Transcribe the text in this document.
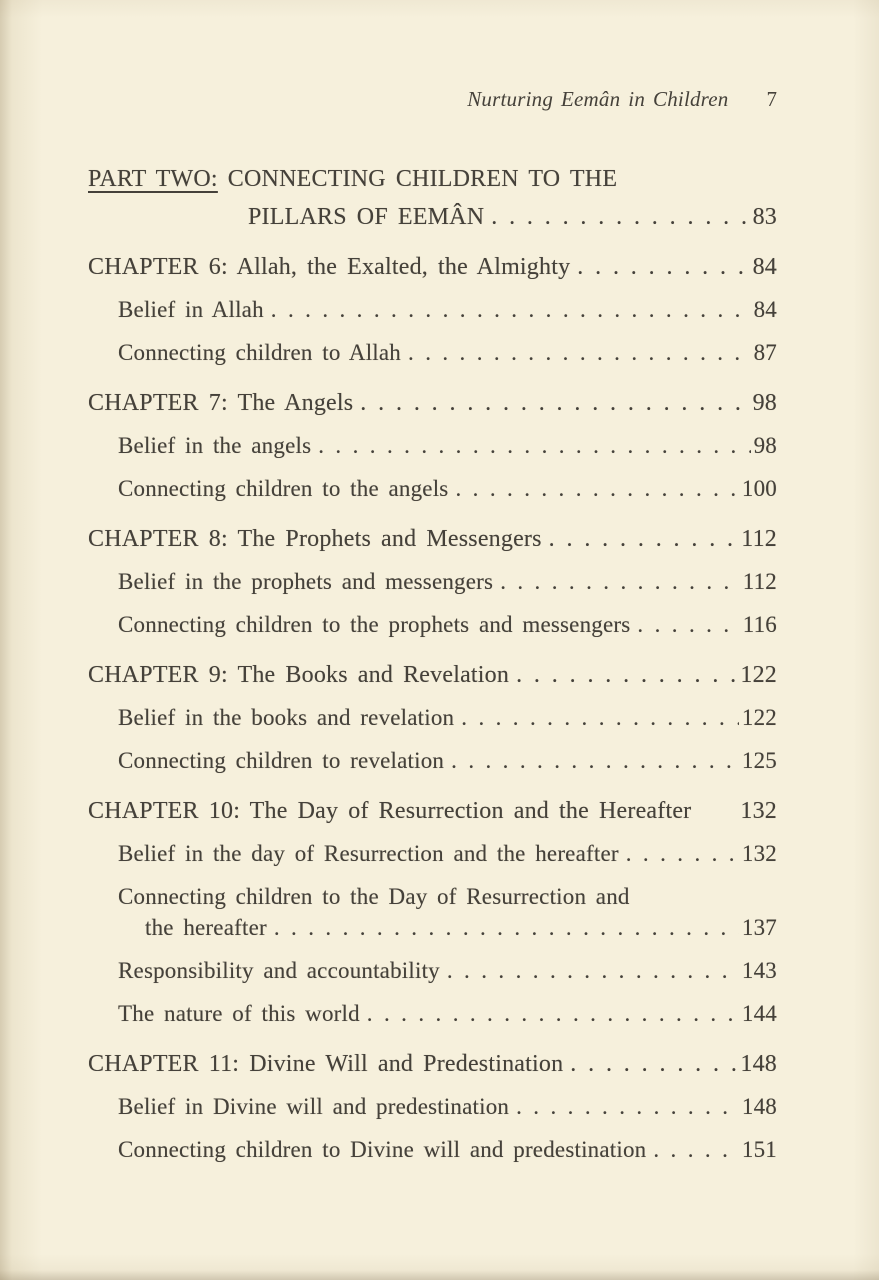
Nurturing Eemân in Children 7
PART TWO: CONNECTING CHILDREN TO THE
PILLARS OF EEMÂN . . .	83
CHAPTER 6: Allah, the Exalted, the Almighty . . .	84
Belief in Allah . . .	84
Connecting children to Allah . . .	87
CHAPTER 7: The Angels . . .	98
Belief in the angels . . .	98
Connecting children to the angels . . .	100
CHAPTER 8: The Prophets and Messengers . . .	112
Belief in the prophets and messengers . . .	112
Connecting children to the prophets and messengers . . .	116
CHAPTER 9: The Books and Revelation . . .	122
Belief in the books and revelation . . .	122
Connecting children to revelation . . .	125
CHAPTER 10: The Day of Resurrection and the Hereafter 132
Belief in the day of Resurrection and the hereafter . . .	132
Connecting children to the Day of Resurrection and
the hereafter . . .	137
Responsibility and accountability . . .	143
The nature of this world . . .	144
CHAPTER 11: Divine Will and Predestination . . .	148
Belief in Divine will and predestination . . .	148
Connecting children to Divine will and predestination . . .	151
